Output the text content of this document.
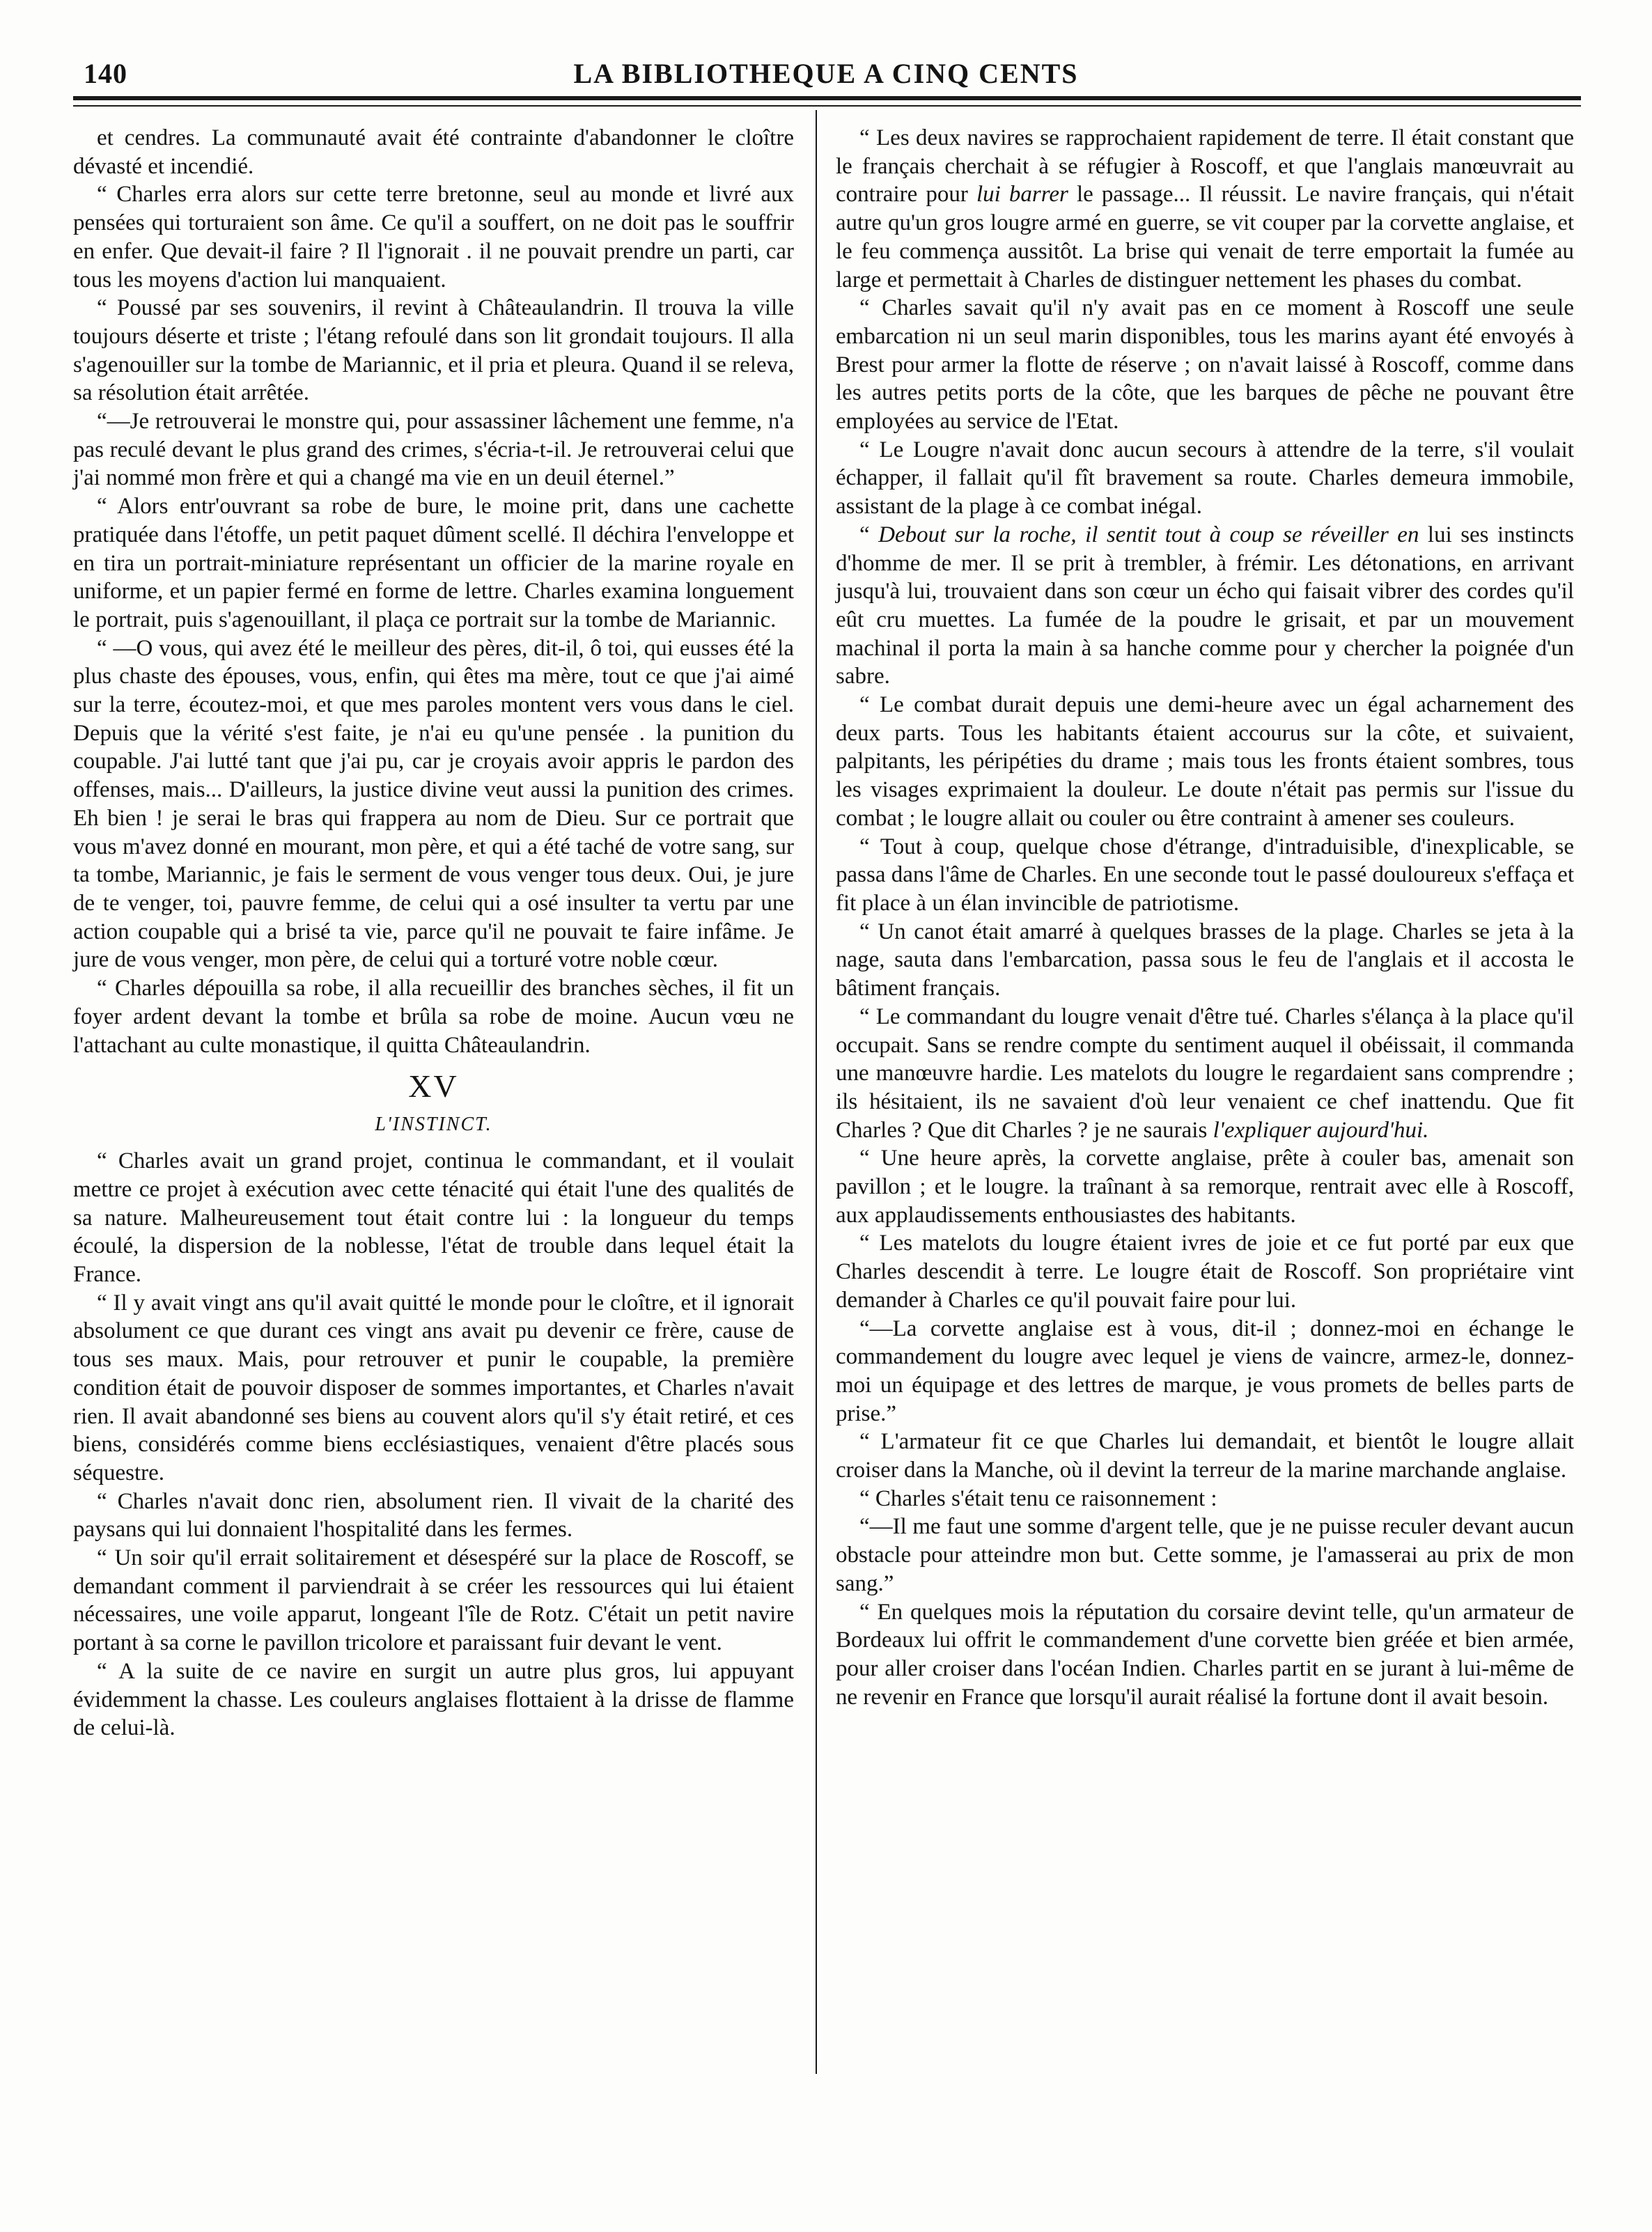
140	LA BIBLIOTHEQUE A CINQ CENTS

et cendres. La communauté avait été contrainte d'abandonner le cloître dévasté et incendié.

“ Charles erra alors sur cette terre bretonne, seul au monde et livré aux pensées qui torturaient son âme. Ce qu'il a souffert, on ne doit pas le souffrir en enfer. Que devait-il faire ? Il l'ignorait . il ne pouvait prendre un parti, car tous les moyens d'action lui manquaient.

“ Poussé par ses souvenirs, il revint à Châteaulandrin. Il trouva la ville toujours déserte et triste ; l'étang refoulé dans son lit grondait toujours. Il alla s'agenouiller sur la tombe de Mariannic, et il pria et pleura. Quand il se releva, sa résolution était arrêtée.

“—Je retrouverai le monstre qui, pour assassiner lâchement une femme, n'a pas reculé devant le plus grand des crimes, s'écria-t-il. Je retrouverai celui que j'ai nommé mon frère et qui a changé ma vie en un deuil éternel.”

“ Alors entr'ouvrant sa robe de bure, le moine prit, dans une cachette pratiquée dans l'étoffe, un petit paquet dûment scellé. Il déchira l'enveloppe et en tira un portrait-miniature représentant un officier de la marine royale en uniforme, et un papier fermé en forme de lettre. Charles examina longuement le portrait, puis s'agenouillant, il plaça ce portrait sur la tombe de Mariannic.

“ —O vous, qui avez été le meilleur des pères, dit-il, ô toi, qui eusses été la plus chaste des épouses, vous, enfin, qui êtes ma mère, tout ce que j'ai aimé sur la terre, écoutez-moi, et que mes paroles montent vers vous dans le ciel. Depuis que la vérité s'est faite, je n'ai eu qu'une pensée . la punition du coupable. J'ai lutté tant que j'ai pu, car je croyais avoir appris le pardon des offenses, mais... D'ailleurs, la justice divine veut aussi la punition des crimes. Eh bien ! je serai le bras qui frappera au nom de Dieu. Sur ce portrait que vous m'avez donné en mourant, mon père, et qui a été taché de votre sang, sur ta tombe, Mariannic, je fais le serment de vous venger tous deux. Oui, je jure de te venger, toi, pauvre femme, de celui qui a osé insulter ta vertu par une action coupable qui a brisé ta vie, parce qu'il ne pouvait te faire infâme. Je jure de vous venger, mon père, de celui qui a torturé votre noble cœur.

“ Charles dépouilla sa robe, il alla recueillir des branches sèches, il fit un foyer ardent devant la tombe et brûla sa robe de moine. Aucun vœu ne l'attachant au culte monastique, il quitta Châteaulandrin.

XV
L'INSTINCT.

“ Charles avait un grand projet, continua le commandant, et il voulait mettre ce projet à exécution avec cette ténacité qui était l'une des qualités de sa nature. Malheureusement tout était contre lui : la longueur du temps écoulé, la dispersion de la noblesse, l'état de trouble dans lequel était la France.

“ Il y avait vingt ans qu'il avait quitté le monde pour le cloître, et il ignorait absolument ce que durant ces vingt ans avait pu devenir ce frère, cause de tous ses maux. Mais, pour retrouver et punir le coupable, la première condition était de pouvoir disposer de sommes importantes, et Charles n'avait rien. Il avait abandonné ses biens au couvent alors qu'il s'y était retiré, et ces biens, considérés comme biens ecclésiastiques, venaient d'être placés sous séquestre.

“ Charles n'avait donc rien, absolument rien. Il vivait de la charité des paysans qui lui donnaient l'hospitalité dans les fermes.

“ Un soir qu'il errait solitairement et désespéré sur la place de Roscoff, se demandant comment il parviendrait à se créer les ressources qui lui étaient nécessaires, une voile apparut, longeant l'île de Rotz. C'était un petit navire portant à sa corne le pavillon tricolore et paraissant fuir devant le vent.

“ A la suite de ce navire en surgit un autre plus gros, lui appuyant évidemment la chasse. Les couleurs anglaises flottaient à la drisse de flamme de celui-là.

“ Les deux navires se rapprochaient rapidement de terre. Il était constant que le français cherchait à se réfugier à Roscoff, et que l'anglais manœuvrait au contraire pour lui barrer le passage... Il réussit. Le navire français, qui n'était autre qu'un gros lougre armé en guerre, se vit couper par la corvette anglaise, et le feu commença aussitôt. La brise qui venait de terre emportait la fumée au large et permettait à Charles de distinguer nettement les phases du combat.

“ Charles savait qu'il n'y avait pas en ce moment à Roscoff une seule embarcation ni un seul marin disponibles, tous les marins ayant été envoyés à Brest pour armer la flotte de réserve ; on n'avait laissé à Roscoff, comme dans les autres petits ports de la côte, que les barques de pêche ne pouvant être employées au service de l'Etat.

“ Le Lougre n'avait donc aucun secours à attendre de la terre, s'il voulait échapper, il fallait qu'il fît bravement sa route. Charles demeura immobile, assistant de la plage à ce combat inégal.

“ Debout sur la roche, il sentit tout à coup se réveiller en lui ses instincts d'homme de mer. Il se prit à trembler, à frémir. Les détonations, en arrivant jusqu'à lui, trouvaient dans son cœur un écho qui faisait vibrer des cordes qu'il eût cru muettes. La fumée de la poudre le grisait, et par un mouvement machinal il porta la main à sa hanche comme pour y chercher la poignée d'un sabre.

“ Le combat durait depuis une demi-heure avec un égal acharnement des deux parts. Tous les habitants étaient accourus sur la côte, et suivaient, palpitants, les péripéties du drame ; mais tous les fronts étaient sombres, tous les visages exprimaient la douleur. Le doute n'était pas permis sur l'issue du combat ; le lougre allait ou couler ou être contraint à amener ses couleurs.

“ Tout à coup, quelque chose d'étrange, d'intraduisible, d'inexplicable, se passa dans l'âme de Charles. En une seconde tout le passé douloureux s'effaça et fit place à un élan invincible de patriotisme.

“ Un canot était amarré à quelques brasses de la plage. Charles se jeta à la nage, sauta dans l'embarcation, passa sous le feu de l'anglais et il accosta le bâtiment français.

“ Le commandant du lougre venait d'être tué. Charles s'élança à la place qu'il occupait. Sans se rendre compte du sentiment auquel il obéissait, il commanda une manœuvre hardie. Les matelots du lougre le regardaient sans comprendre ; ils hésitaient, ils ne savaient d'où leur venaient ce chef inattendu. Que fit Charles ? Que dit Charles ? je ne saurais l'expliquer aujourd'hui.

“ Une heure après, la corvette anglaise, prête à couler bas, amenait son pavillon ; et le lougre. la traînant à sa remorque, rentrait avec elle à Roscoff, aux applaudissements enthousiastes des habitants.

“ Les matelots du lougre étaient ivres de joie et ce fut porté par eux que Charles descendit à terre. Le lougre était de Roscoff. Son propriétaire vint demander à Charles ce qu'il pouvait faire pour lui.

“—La corvette anglaise est à vous, dit-il ; donnez-moi en échange le commandement du lougre avec lequel je viens de vaincre, armez-le, donnez-moi un équipage et des lettres de marque, je vous promets de belles parts de prise.”

“ L'armateur fit ce que Charles lui demandait, et bientôt le lougre allait croiser dans la Manche, où il devint la terreur de la marine marchande anglaise.

“ Charles s'était tenu ce raisonnement :

“—Il me faut une somme d'argent telle, que je ne puisse reculer devant aucun obstacle pour atteindre mon but. Cette somme, je l'amasserai au prix de mon sang.”

“ En quelques mois la réputation du corsaire devint telle, qu'un armateur de Bordeaux lui offrit le commandement d'une corvette bien gréée et bien armée, pour aller croiser dans l'océan Indien. Charles partit en se jurant à lui-même de ne revenir en France que lorsqu'il aurait réalisé la fortune dont il avait besoin.
